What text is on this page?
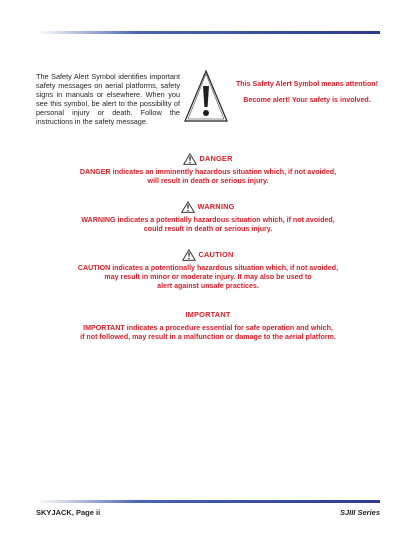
The Safety Alert Symbol identifies important safety messages on aerial platforms, safety signs in manuals or elsewhere. When you see this symbol, be alert to the possibility of personal injury or death. Follow the instructions in the safety message.
This Safety Alert Symbol means attention!
Become alert! Your safety is involved.
DANGER
DANGER indicates an imminently hazardous situation which, if not avoided,
will result in death or serious injury.
WARNING
WARNING indicates a potentially hazardous situation which, if not avoided,
could result in death or serious injury.
CAUTION
CAUTION indicates a potentionally hazardous situation which, if not avoided,
may result in minor or moderate injury. It may also be used to
alert against unsafe practices.
IMPORTANT
IMPORTANT indicates a procedure essential for safe operation and which,
if not followed, may result in a malfunction or damage to the aerial platform.
SKYJACK, Page ii	SJIII Series
